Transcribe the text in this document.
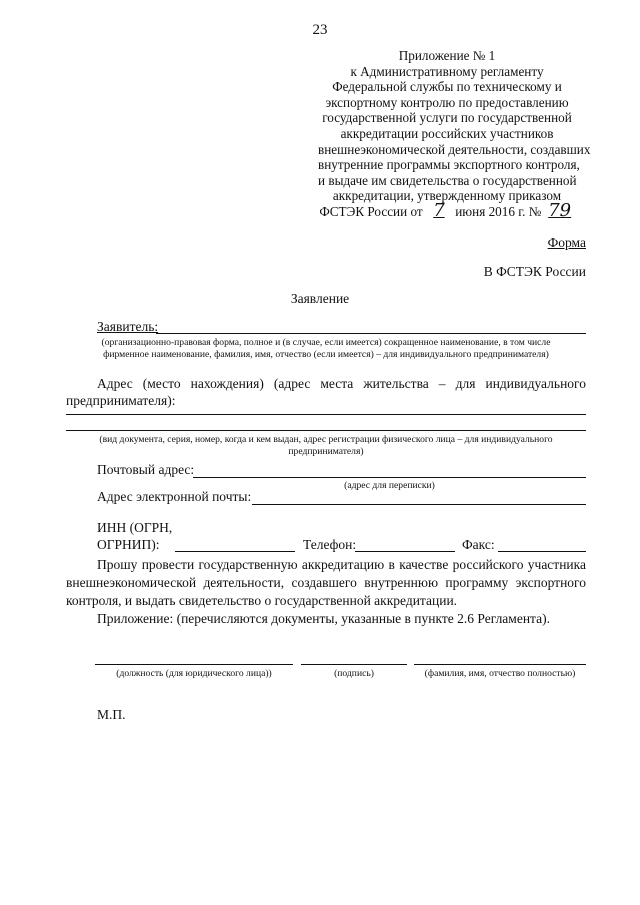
23
Приложение № 1
к Административному регламенту
Федеральной службы по техническому и
экспортному контролю по предоставлению
государственной услуги по государственной
аккредитации российских участников
внешнеэкономической деятельности, создавших
внутренние программы экспортного контроля,
и выдаче им свидетельства о государственной
аккредитации, утвержденному приказом
ФСТЭК России от 7 июня 2016 г. № 79
Форма
В ФСТЭК России
Заявление
Заявитель:
(организационно-правовая форма, полное и (в случае, если имеется) сокращенное наименование, в том числе
фирменное наименование, фамилия, имя, отчество (если имеется) – для индивидуального предпринимателя)
Адрес (место нахождения) (адрес места жительства – для индивидуального
предпринимателя):
(вид документа, серия, номер, когда и кем выдан, адрес регистрации физического лица – для индивидуального
предпринимателя)
Почтовый адрес:
(адрес для переписки)
Адрес электронной почты:
ИНН (ОГРН,
ОГРНИП):	Телефон:	Факс:
Прошу провести государственную аккредитацию в качестве российского участника
внешнеэкономической деятельности, создавшего внутреннюю программу экспортного
контроля, и выдать свидетельство о государственной аккредитации.
Приложение: (перечисляются документы, указанные в пункте 2.6 Регламента).
(должность (для юридического лица))	(подпись)	(фамилия, имя, отчество полностью)
М.П.
